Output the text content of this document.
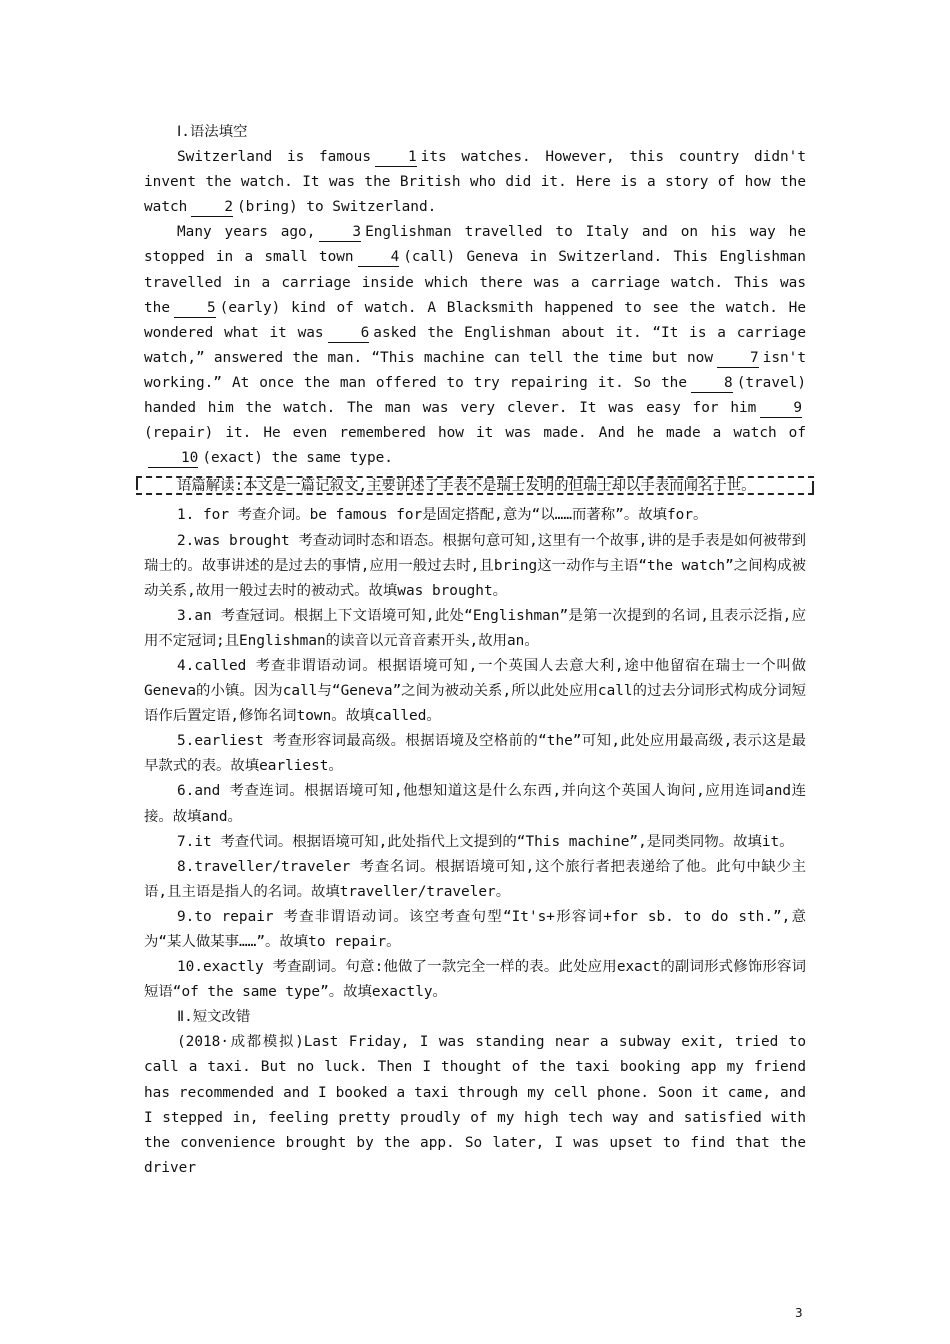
Ⅰ.语法填空

Switzerland is famous	1 its watches. However, this country didn't invent the watch. It was the British who did it. Here is a story of how the watch	2 (bring) to Switzerland.

Many years ago,	3 Englishman travelled to Italy and on his way he stopped in a small town	4 (call) Geneva in Switzerland. This Englishman travelled in a carriage inside which there was a carriage watch. This was the	5 (early) kind of watch. A Blacksmith happened to see the watch. He wondered what it was	6 asked the Englishman about it. “It is a carriage watch,” answered the man. “This machine can tell the time but now	7 isn't working.” At once the man offered to try repairing it. So the	8 (travel) handed him the watch. The man was very clever. It was easy for him	9(repair) it. He even remembered how it was made. And he made a watch of10 (exact) the same type.

语篇解读:本文是一篇记叙文,主要讲述了手表不是瑞士发明的但瑞士却以手表而闻名于世。

1. for 考查介词。be famous for是固定搭配,意为“以……而著称”。故填for。

2.was brought 考查动词时态和语态。根据句意可知,这里有一个故事,讲的是手表是如何被带到瑞士的。故事讲述的是过去的事情,应用一般过去时,且bring这一动作与主语“the watch”之间构成被动关系,故用一般过去时的被动式。故填was brought。

3.an 考查冠词。根据上下文语境可知,此处“Englishman”是第一次提到的名词,且表示泛指,应用不定冠词;且Englishman的读音以元音音素开头,故用an。

4.called 考查非谓语动词。根据语境可知,一个英国人去意大利,途中他留宿在瑞士一个叫做Geneva的小镇。因为call与“Geneva”之间为被动关系,所以此处应用call的过去分词形式构成分词短语作后置定语,修饰名词town。故填called。

5.earliest 考查形容词最高级。根据语境及空格前的“the”可知,此处应用最高级,表示这是最早款式的表。故填earliest。

6.and 考查连词。根据语境可知,他想知道这是什么东西,并向这个英国人询问,应用连词and连接。故填and。

7.it 考查代词。根据语境可知,此处指代上文提到的“This machine”,是同类同物。故填it。

8.traveller/traveler 考查名词。根据语境可知,这个旅行者把表递给了他。此句中缺少主语,且主语是指人的名词。故填traveller/traveler。

9.to repair 考查非谓语动词。该空考查句型“It's+形容词+for sb. to do sth.”,意为“某人做某事……”。故填to repair。

10.exactly 考查副词。句意:他做了一款完全一样的表。此处应用exact的副词形式修饰形容词短语“of the same type”。故填exactly。

Ⅱ.短文改错

(2018·成都模拟)Last Friday, I was standing near a subway exit, tried to call a taxi. But no luck. Then I thought of the taxi booking app my friend has recommended and I booked a taxi through my cell phone. Soon it came, and I stepped in, feeling pretty proudly of my high tech way and satisfied with the convenience brought by the app. So later, I was upset to find that the driver

3
